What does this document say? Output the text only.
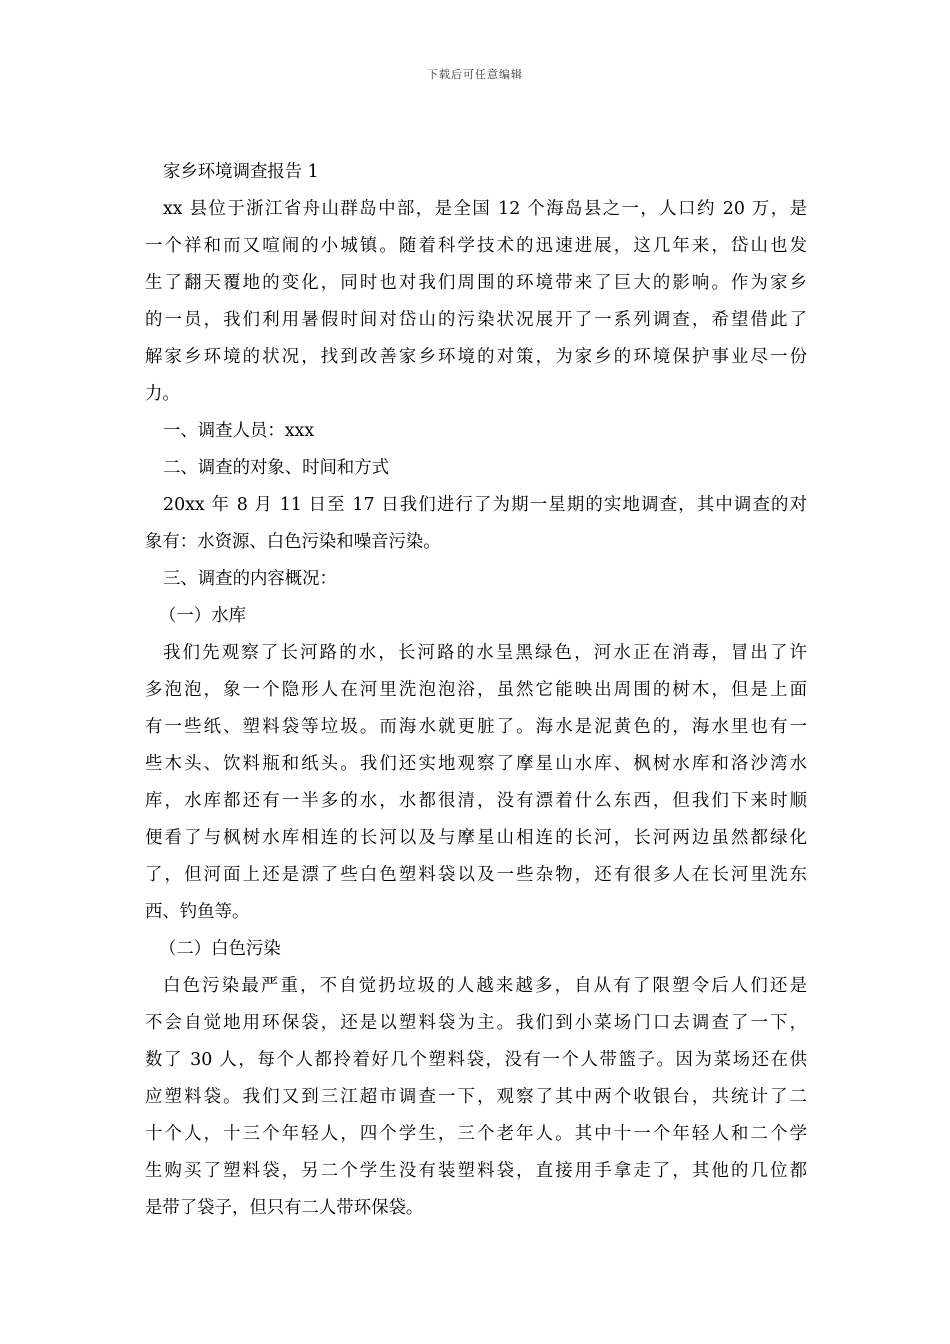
下载后可任意编辑
家乡环境调查报告 1
xx 县位于浙江省舟山群岛中部，是全国 12 个海岛县之一，人口约 20 万，是
一个祥和而又喧闹的小城镇。随着科学技术的迅速进展，这几年来，岱山也发
生了翻天覆地的变化，同时也对我们周围的环境带来了巨大的影响。作为家乡
的一员，我们利用暑假时间对岱山的污染状况展开了一系列调查，希望借此了
解家乡环境的状况，找到改善家乡环境的对策，为家乡的环境保护事业尽一份
力。
一、调查人员：xxx
二、调查的对象、时间和方式
20xx 年 8 月 11 日至 17 日我们进行了为期一星期的实地调查，其中调查的对
象有：水资源、白色污染和噪音污染。
三、调查的内容概况：
（一）水库
我们先观察了长河路的水，长河路的水呈黑绿色，河水正在消毒，冒出了许
多泡泡，象一个隐形人在河里洗泡泡浴，虽然它能映出周围的树木，但是上面
有一些纸、塑料袋等垃圾。而海水就更脏了。海水是泥黄色的，海水里也有一
些木头、饮料瓶和纸头。我们还实地观察了摩星山水库、枫树水库和洛沙湾水
库，水库都还有一半多的水，水都很清，没有漂着什么东西，但我们下来时顺
便看了与枫树水库相连的长河以及与摩星山相连的长河，长河两边虽然都绿化
了，但河面上还是漂了些白色塑料袋以及一些杂物，还有很多人在长河里洗东
西、钓鱼等。
（二）白色污染
白色污染最严重，不自觉扔垃圾的人越来越多，自从有了限塑令后人们还是
不会自觉地用环保袋，还是以塑料袋为主。我们到小菜场门口去调查了一下，
数了 30 人，每个人都拎着好几个塑料袋，没有一个人带篮子。因为菜场还在供
应塑料袋。我们又到三江超市调查一下，观察了其中两个收银台，共统计了二
十个人，十三个年轻人，四个学生，三个老年人。其中十一个年轻人和二个学
生购买了塑料袋，另二个学生没有装塑料袋，直接用手拿走了，其他的几位都
是带了袋子，但只有二人带环保袋。
